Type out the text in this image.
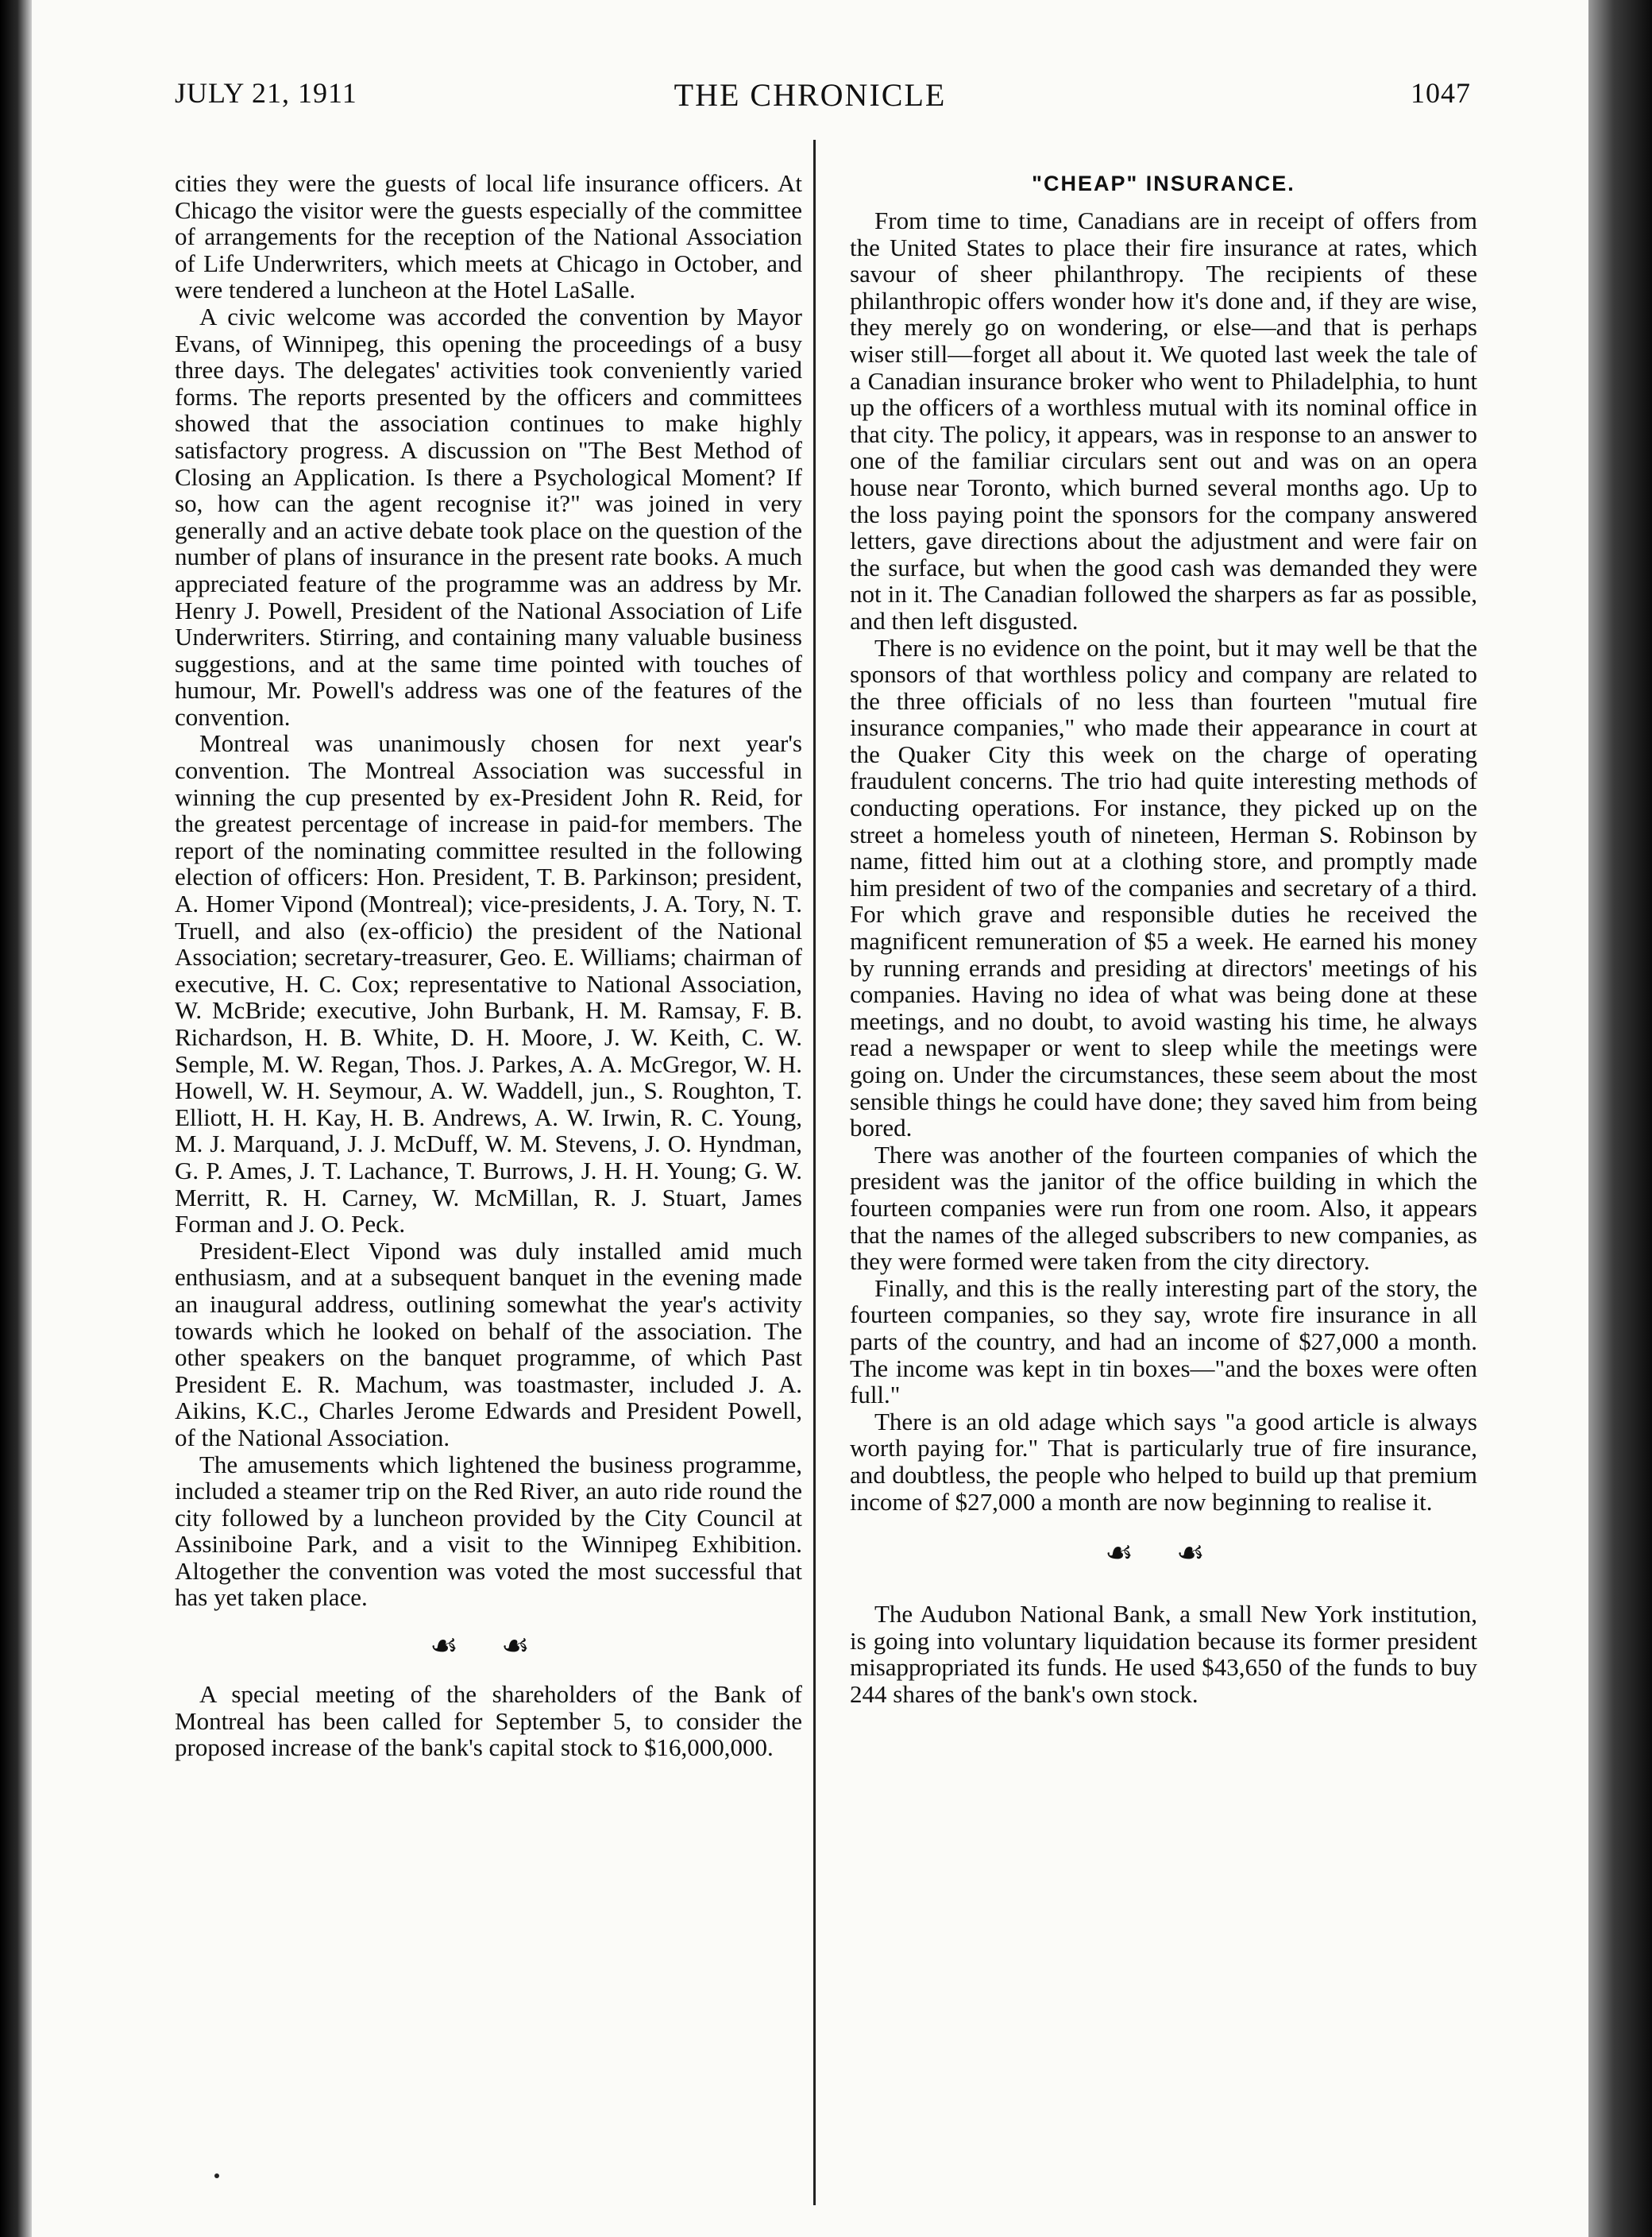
THE CHRONICLE
JULY 21, 1911	1047

cities they were the guests of local life insurance officers. At Chicago the visitor were the guests especially of the committee of arrangements for the reception of the National Association of Life Underwriters, which meets at Chicago in October, and were tendered a luncheon at the Hotel LaSalle.

A civic welcome was accorded the convention by Mayor Evans, of Winnipeg, this opening the proceedings of a busy three days. The delegates' activities took conveniently varied forms. The reports presented by the officers and committees showed that the association continues to make highly satisfactory progress. A discussion on "The Best Method of Closing an Application. Is there a Psychological Moment? If so, how can the agent recognise it?" was joined in very generally and an active debate took place on the question of the number of plans of insurance in the present rate books. A much appreciated feature of the programme was an address by Mr. Henry J. Powell, President of the National Association of Life Underwriters. Stirring, and containing many valuable business suggestions, and at the same time pointed with touches of humour, Mr. Powell's address was one of the features of the convention.

Montreal was unanimously chosen for next year's convention. The Montreal Association was successful in winning the cup presented by ex-President John R. Reid, for the greatest percentage of increase in paid-for members. The report of the nominating committee resulted in the following election of officers: Hon. President, T. B. Parkinson; president, A. Homer Vipond (Montreal); vice-presidents, J. A. Tory, N. T. Truell, and also (ex-officio) the president of the National Association; secretary-treasurer, Geo. E. Williams; chairman of executive, H. C. Cox; representative to National Association, W. McBride; executive, John Burbank, H. M. Ramsay, F. B. Richardson, H. B. White, D. H. Moore, J. W. Keith, C. W. Semple, M. W. Regan, Thos. J. Parkes, A. A. McGregor, W. H. Howell, W. H. Seymour, A. W. Waddell, jun., S. Roughton, T. Elliott, H. H. Kay, H. B. Andrews, A. W. Irwin, R. C. Young, M. J. Marquand, J. J. McDuff, W. M. Stevens, J. O. Hyndman, G. P. Ames, J. T. Lachance, T. Burrows, J. H. H. Young; G. W. Merritt, R. H. Carney, W. McMillan, R. J. Stuart, James Forman and J. O. Peck.

President-Elect Vipond was duly installed amid much enthusiasm, and at a subsequent banquet in the evening made an inaugural address, outlining somewhat the year's activity towards which he looked on behalf of the association. The other speakers on the banquet programme, of which Past President E. R. Machum, was toastmaster, included J. A. Aikins, K.C., Charles Jerome Edwards and President Powell, of the National Association.

The amusements which lightened the business programme, included a steamer trip on the Red River, an auto ride round the city followed by a luncheon provided by the City Council at Assiniboine Park, and a visit to the Winnipeg Exhibition. Altogether the convention was voted the most successful that has yet taken place.

☙ ☙

A special meeting of the shareholders of the Bank of Montreal has been called for September 5, to consider the proposed increase of the bank's capital stock to $16,000,000.

"CHEAP" INSURANCE.

From time to time, Canadians are in receipt of offers from the United States to place their fire insurance at rates, which savour of sheer philanthropy. The recipients of these philanthropic offers wonder how it's done and, if they are wise, they merely go on wondering, or else—and that is perhaps wiser still—forget all about it. We quoted last week the tale of a Canadian insurance broker who went to Philadelphia, to hunt up the officers of a worthless mutual with its nominal office in that city. The policy, it appears, was in response to an answer to one of the familiar circulars sent out and was on an opera house near Toronto, which burned several months ago. Up to the loss paying point the sponsors for the company answered letters, gave directions about the adjustment and were fair on the surface, but when the good cash was demanded they were not in it. The Canadian followed the sharpers as far as possible, and then left disgusted.

There is no evidence on the point, but it may well be that the sponsors of that worthless policy and company are related to the three officials of no less than fourteen "mutual fire insurance companies," who made their appearance in court at the Quaker City this week on the charge of operating fraudulent concerns. The trio had quite interesting methods of conducting operations. For instance, they picked up on the street a homeless youth of nineteen, Herman S. Robinson by name, fitted him out at a clothing store, and promptly made him president of two of the companies and secretary of a third. For which grave and responsible duties he received the magnificent remuneration of $5 a week. He earned his money by running errands and presiding at directors' meetings of his companies. Having no idea of what was being done at these meetings, and no doubt, to avoid wasting his time, he always read a newspaper or went to sleep while the meetings were going on. Under the circumstances, these seem about the most sensible things he could have done; they saved him from being bored.

There was another of the fourteen companies of which the president was the janitor of the office building in which the fourteen companies were run from one room. Also, it appears that the names of the alleged subscribers to new companies, as they were formed were taken from the city directory.

Finally, and this is the really interesting part of the story, the fourteen companies, so they say, wrote fire insurance in all parts of the country, and had an income of $27,000 a month. The income was kept in tin boxes—"and the boxes were often full."

There is an old adage which says "a good article is always worth paying for." That is particularly true of fire insurance, and doubtless, the people who helped to build up that premium income of $27,000 a month are now beginning to realise it.

☙ ☙

The Audubon National Bank, a small New York institution, is going into voluntary liquidation because its former president misappropriated its funds. He used $43,650 of the funds to buy 244 shares of the bank's own stock.
